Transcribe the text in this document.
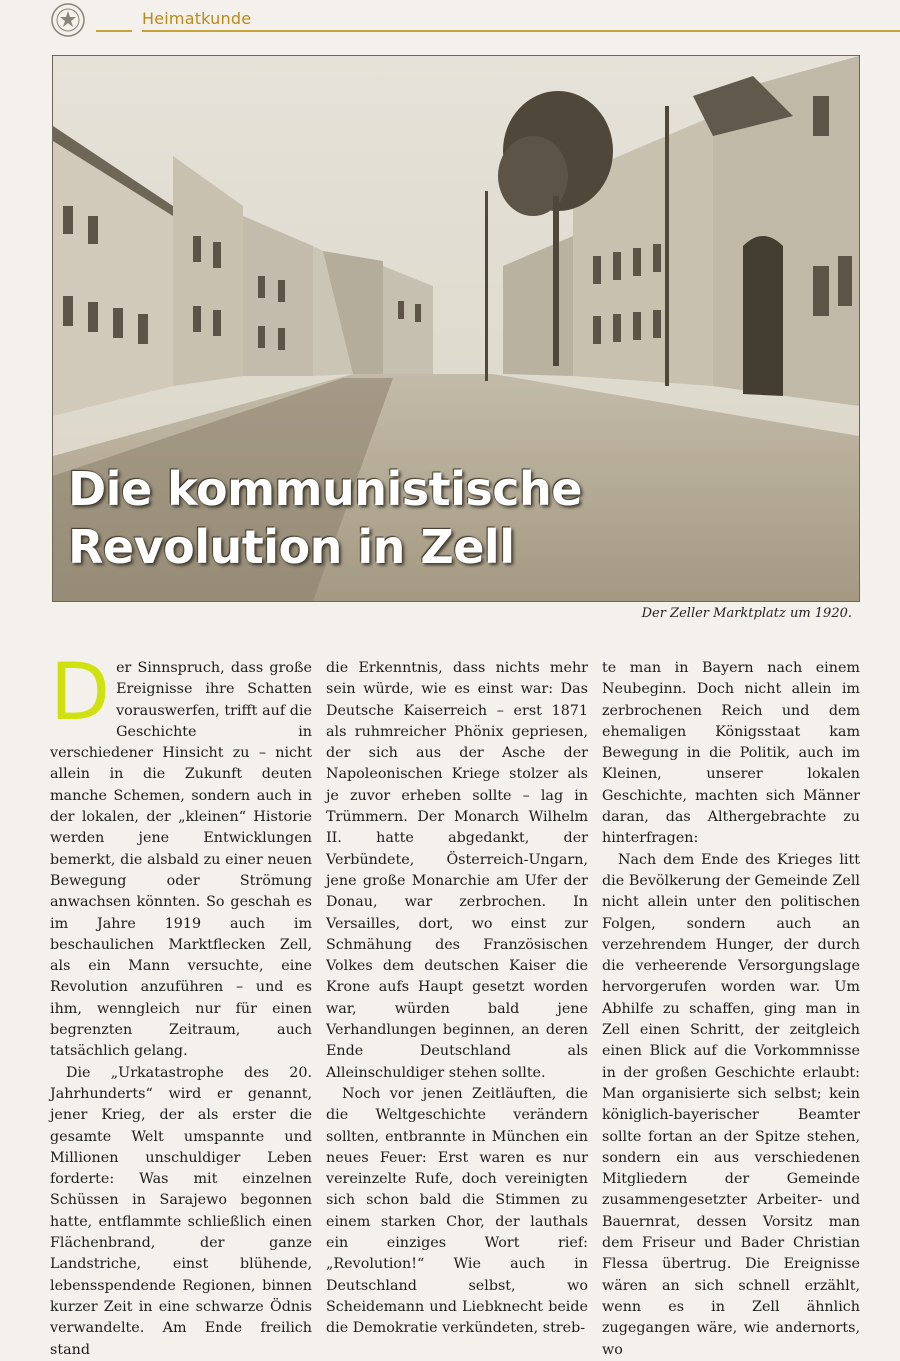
Heimatkunde
Die kommunistische
Revolution in Zell
Der Zeller Marktplatz um 1920.

Der Sinnspruch, dass große Ereignisse ihre Schatten vorauswerfen, trifft auf die Geschichte in verschiedener Hinsicht zu – nicht allein in die Zukunft deuten manche Schemen, sondern auch in der lokalen, der „kleinen“ Historie werden jene Entwicklungen bemerkt, die alsbald zu einer neuen Bewegung oder Strömung anwachsen könnten. So geschah es im Jahre 1919 auch im beschaulichen Marktflecken Zell, als ein Mann versuchte, eine Revolution anzuführen – und es ihm, wenngleich nur für einen begrenzten Zeitraum, auch tatsächlich gelang.

Die „Urkatastrophe des 20. Jahrhunderts“ wird er genannt, jener Krieg, der als erster die gesamte Welt umspannte und Millionen unschuldiger Leben forderte: Was mit einzelnen Schüssen in Sarajewo begonnen hatte, entflammte schließlich einen Flächenbrand, der ganze Landstriche, einst blühende, lebensspendende Regionen, binnen kurzer Zeit in eine schwarze Ödnis verwandelte. Am Ende freilich stand

die Erkenntnis, dass nichts mehr sein würde, wie es einst war: Das Deutsche Kaiserreich – erst 1871 als ruhmreicher Phönix gepriesen, der sich aus der Asche der Napoleonischen Kriege stolzer als je zuvor erheben sollte – lag in Trümmern. Der Monarch Wilhelm II. hatte abgedankt, der Verbündete, Österreich-Ungarn, jene große Monarchie am Ufer der Donau, war zerbrochen. In Versailles, dort, wo einst zur Schmähung des Französischen Volkes dem deutschen Kaiser die Krone aufs Haupt gesetzt worden war, würden bald jene Verhandlungen beginnen, an deren Ende Deutschland als Alleinschuldiger stehen sollte.

Noch vor jenen Zeitläuften, die die Weltgeschichte verändern sollten, entbrannte in München ein neues Feuer: Erst waren es nur vereinzelte Rufe, doch vereinigten sich schon bald die Stimmen zu einem starken Chor, der lauthals ein einziges Wort rief: „Revolution!“ Wie auch in Deutschland selbst, wo Scheidemann und Liebknecht beide die Demokratie verkündeten, streb-

te man in Bayern nach einem Neubeginn. Doch nicht allein im zerbrochenen Reich und dem ehemaligen Königsstaat kam Bewegung in die Politik, auch im Kleinen, unserer lokalen Geschichte, machten sich Männer daran, das Althergebrachte zu hinterfragen:

Nach dem Ende des Krieges litt die Bevölkerung der Gemeinde Zell nicht allein unter den politischen Folgen, sondern auch an verzehrendem Hunger, der durch die verheerende Versorgungslage hervorgerufen worden war. Um Abhilfe zu schaffen, ging man in Zell einen Schritt, der zeitgleich einen Blick auf die Vorkommnisse in der großen Geschichte erlaubt: Man organisierte sich selbst; kein königlich-bayerischer Beamter sollte fortan an der Spitze stehen, sondern ein aus verschiedenen Mitgliedern der Gemeinde zusammengesetzter Arbeiter- und Bauernrat, dessen Vorsitz man dem Friseur und Bader Christian Flessa übertrug. Die Ereignisse wären an sich schnell erzählt, wenn es in Zell ähnlich zugegangen wäre, wie andernorts, wo
